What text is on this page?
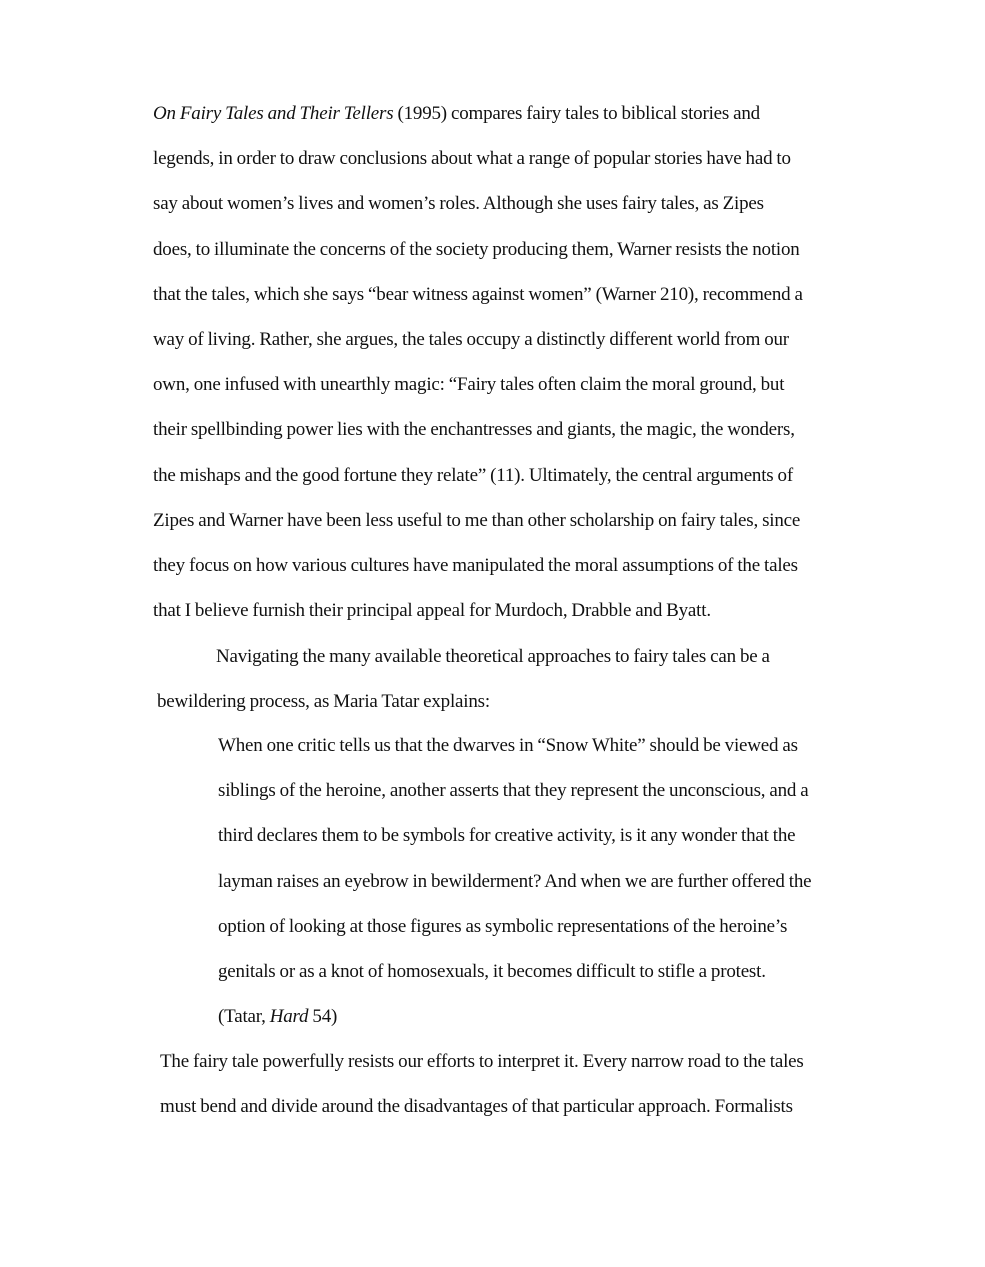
On Fairy Tales and Their Tellers (1995) compares fairy tales to biblical stories and
legends, in order to draw conclusions about what a range of popular stories have had to
say about women’s lives and women’s roles. Although she uses fairy tales, as Zipes
does, to illuminate the concerns of the society producing them, Warner resists the notion
that the tales, which she says “bear witness against women” (Warner 210), recommend a
way of living. Rather, she argues, the tales occupy a distinctly different world from our
own, one infused with unearthly magic: “Fairy tales often claim the moral ground, but
their spellbinding power lies with the enchantresses and giants, the magic, the wonders,
the mishaps and the good fortune they relate” (11). Ultimately, the central arguments of
Zipes and Warner have been less useful to me than other scholarship on fairy tales, since
they focus on how various cultures have manipulated the moral assumptions of the tales
that I believe furnish their principal appeal for Murdoch, Drabble and Byatt.

Navigating the many available theoretical approaches to fairy tales can be a
bewildering process, as Maria Tatar explains:

When one critic tells us that the dwarves in “Snow White” should be viewed as
siblings of the heroine, another asserts that they represent the unconscious, and a
third declares them to be symbols for creative activity, is it any wonder that the
layman raises an eyebrow in bewilderment? And when we are further offered the
option of looking at those figures as symbolic representations of the heroine’s
genitals or as a knot of homosexuals, it becomes difficult to stifle a protest.
(Tatar, Hard 54)

The fairy tale powerfully resists our efforts to interpret it. Every narrow road to the tales
must bend and divide around the disadvantages of that particular approach. Formalists
